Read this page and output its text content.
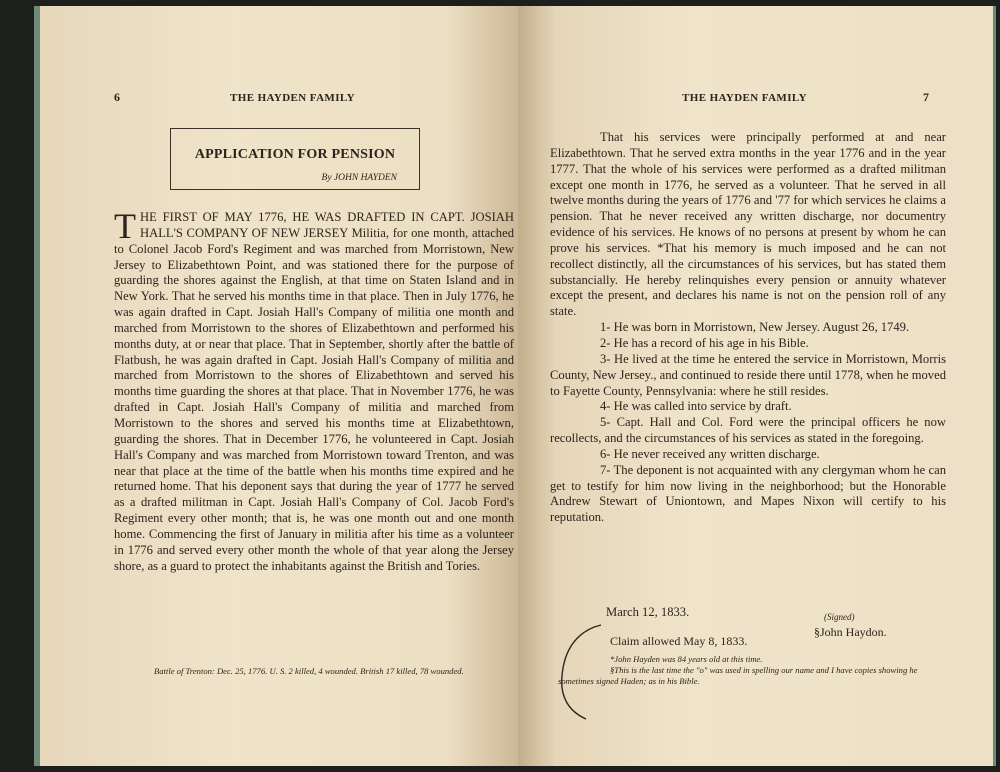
6	THE HAYDEN FAMILY
APPLICATION FOR PENSION
By JOHN HAYDEN
THE FIRST OF MAY 1776, HE WAS DRAFTED IN CAPT. JOSIAH HALL'S COMPANY OF NEW JERSEY Militia, for one month, attached to Colonel Jacob Ford's Regiment and was marched from Morristown, New Jersey to Elizabethtown Point, and was stationed there for the purpose of guarding the shores against the English, at that time on Staten Island and in New York. That he served his months time in that place. Then in July 1776, he was again drafted in Capt. Josiah Hall's Company of militia one month and marched from Morristown to the shores of Elizabethtown and performed his months duty, at or near that place. That in September, shortly after the battle of Flatbush, he was again drafted in Capt. Josiah Hall's Company of militia and marched from Morristown to the shores of Elizabethtown and served his months time guarding the shores at that place. That in November 1776, he was drafted in Capt. Josiah Hall's Company of militia and marched from Morristown to the shores and served his months time at Elizabethtown, guarding the shores. That in December 1776, he volunteered in Capt. Josiah Hall's Company and was marched from Morristown toward Trenton, and was near that place at the time of the battle when his months time expired and he returned home. That his deponent says that during the year of 1777 he served as a drafted militman in Capt. Josiah Hall's Company of Col. Jacob Ford's Regiment every other month; that is, he was one month out and one month home. Commencing the first of January in militia after his time as a volunteer in 1776 and served every other month the whole of that year along the Jersey shore, as a guard to protect the inhabitants against the British and Tories.
Battle of Trenton: Dec. 25, 1776. U. S. 2 killed, 4 wounded. British 17 killed, 78 wounded.
THE HAYDEN FAMILY	7

That his services were principally performed at and near Elizabethtown. That he served extra months in the year 1776 and in the year 1777. That the whole of his services were performed as a drafted militman except one month in 1776, he served as a volunteer. That he served in all twelve months during the years of 1776 and '77 for which services he claims a pension. That he never received any written discharge, nor documentry evidence of his services. He knows of no persons at present by whom he can prove his services. *That his memory is much imposed and he can not recollect distinctly, all the circumstances of his services, but has stated them substancially. He hereby relinquishes every pension or annuity whatever except the present, and declares his name is not on the pension roll of any state.

1- He was born in Morristown, New Jersey. August 26, 1749.

2- He has a record of his age in his Bible.

3- He lived at the time he entered the service in Morristown, Morris County, New Jersey., and continued to reside there until 1778, when he moved to Fayette County, Pennsylvania: where he still resides.

4- He was called into service by draft.

5- Capt. Hall and Col. Ford were the principal officers he now recollects, and the circumstances of his services as stated in the foregoing.

6- He never received any written discharge.

7- The deponent is not acquainted with any clergyman whom he can get to testify for him now living in the neighborhood; but the Honorable Andrew Stewart of Uniontown, and Mapes Nixon will certify to his reputation.

March 12, 1833.	(Signed)
§John Haydon.
Claim allowed May 8, 1833.
*John Hayden was 84 years old at this time.
§This is the last time the "o" was used in spelling our name and I have copies showing he sometimes signed Haden; as in his Bible.
